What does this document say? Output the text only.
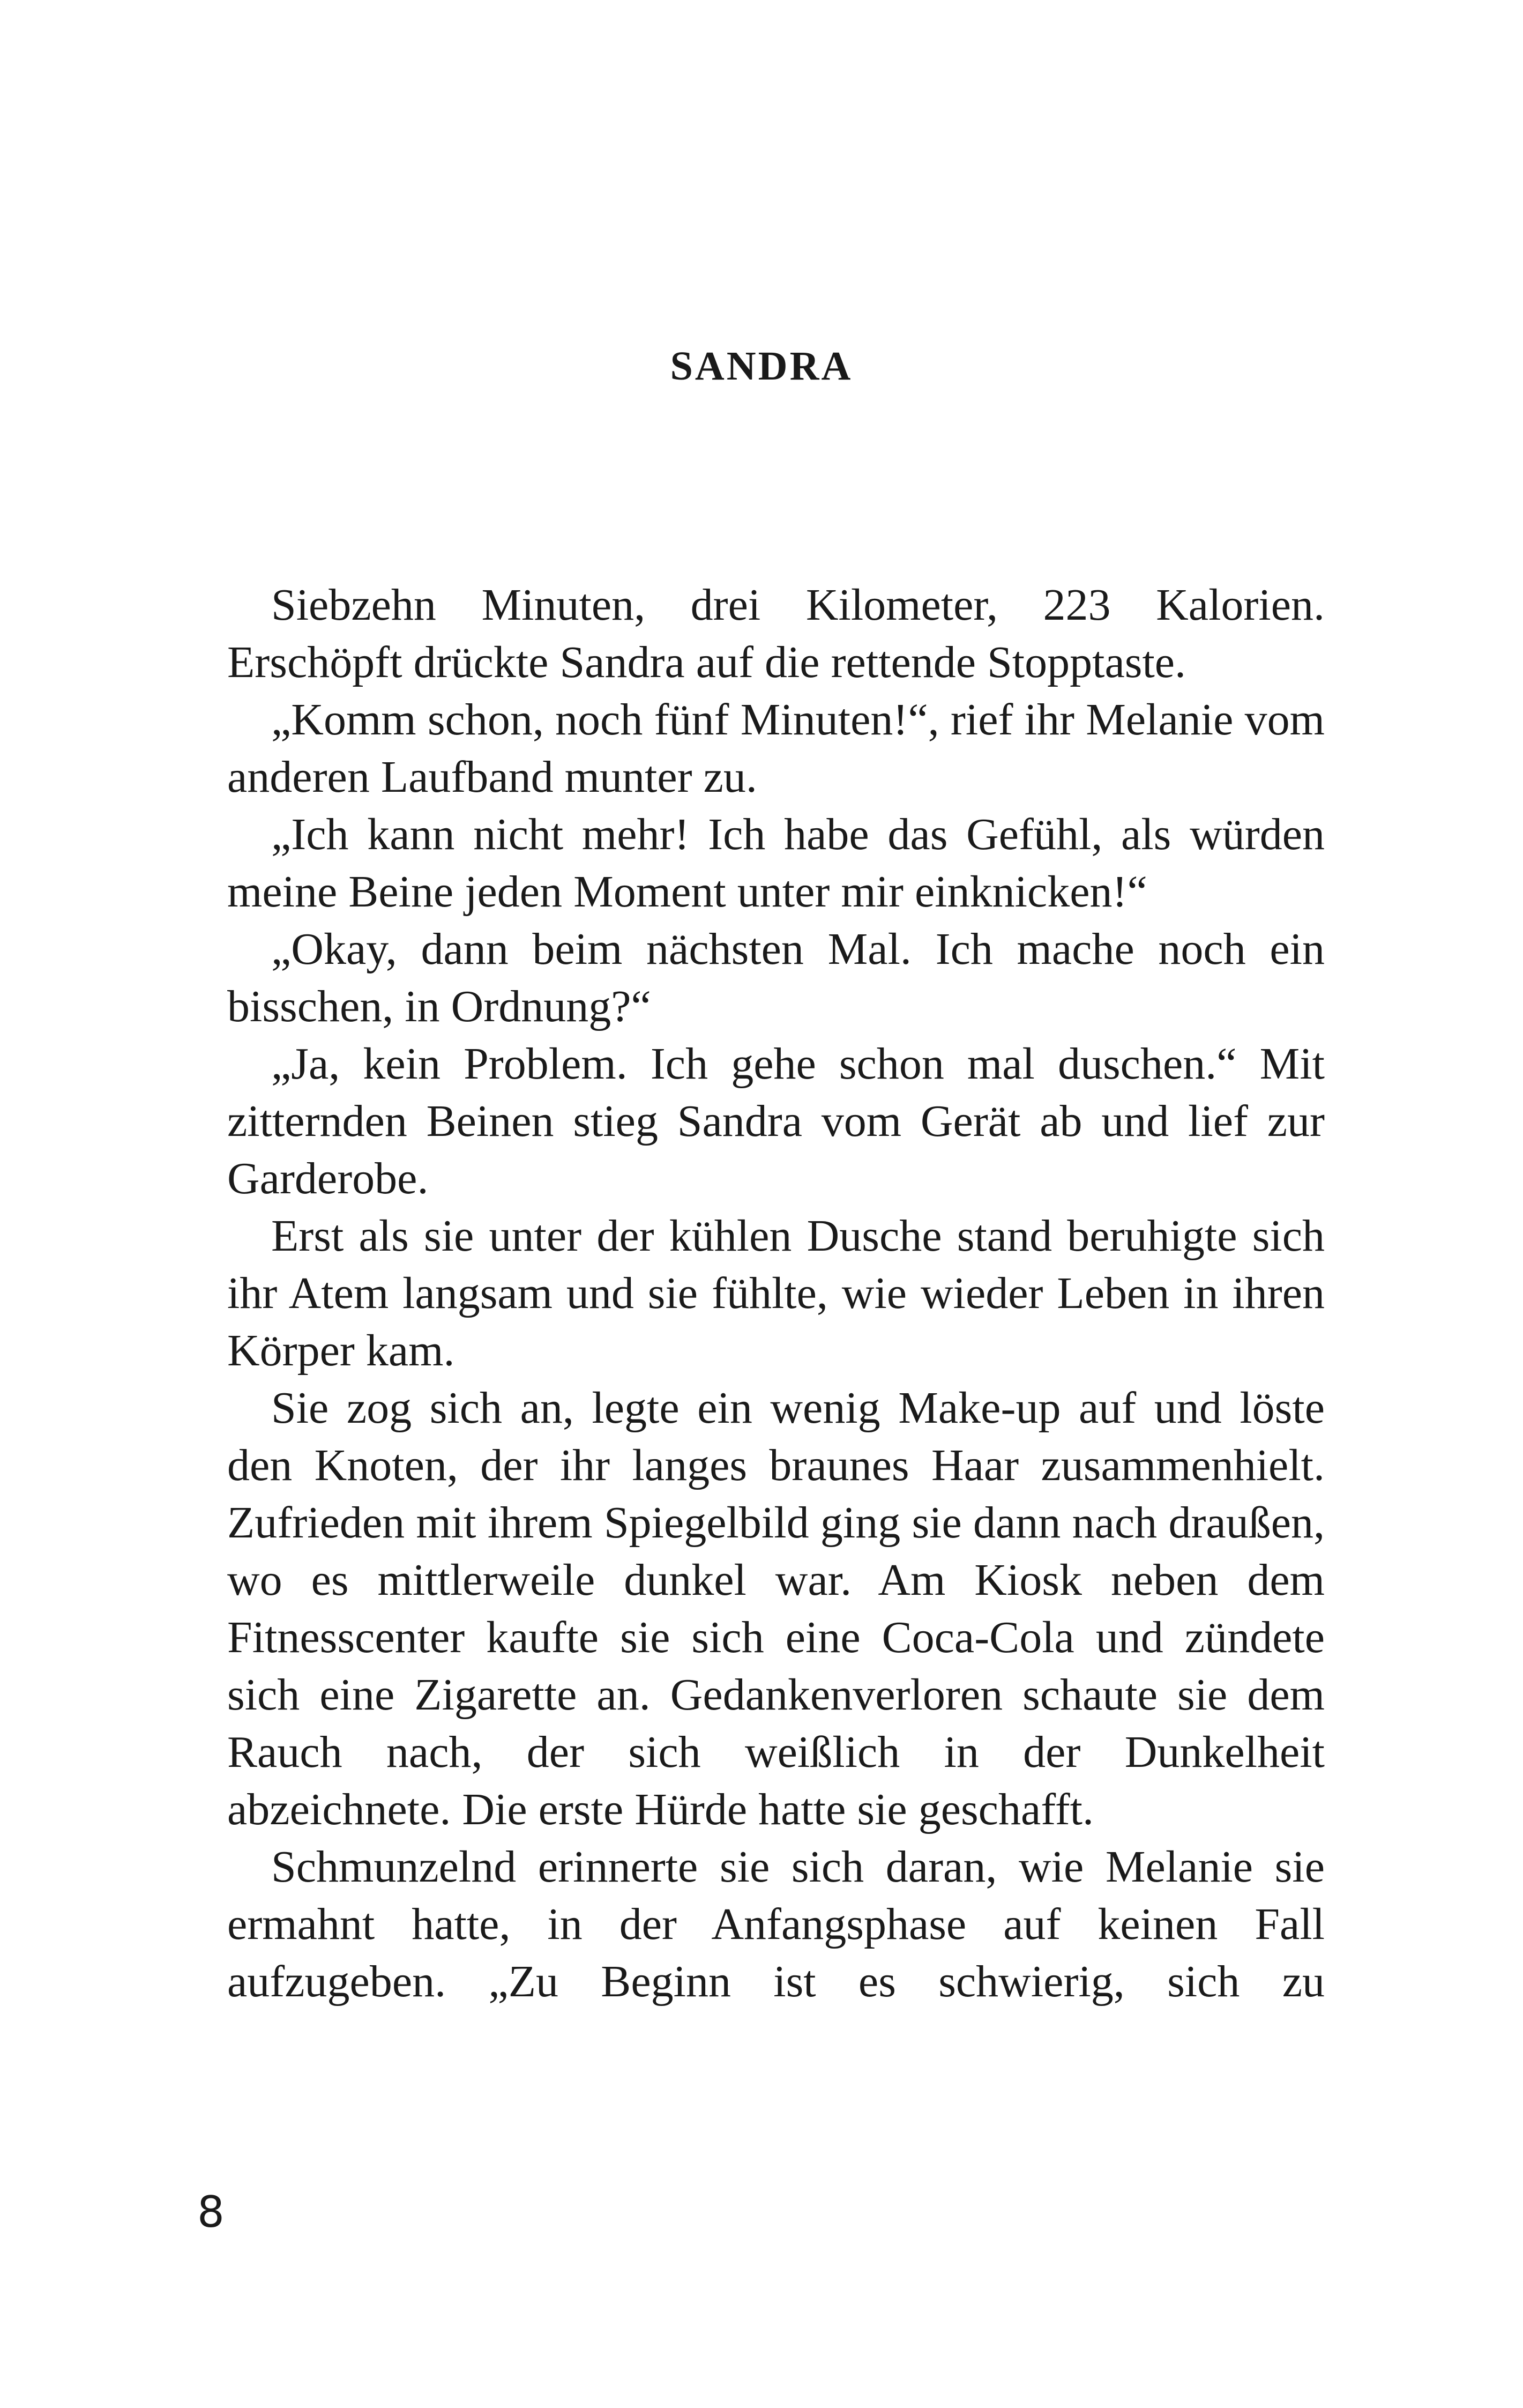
SANDRA

Siebzehn Minuten, drei Kilometer, 223 Kalorien. Erschöpft drückte Sandra auf die rettende Stopptaste.

„Komm schon, noch fünf Minuten!“, rief ihr Melanie vom anderen Laufband munter zu.

„Ich kann nicht mehr! Ich habe das Gefühl, als würden meine Beine jeden Moment unter mir einknicken!“

„Okay, dann beim nächsten Mal. Ich mache noch ein bisschen, in Ordnung?“

„Ja, kein Problem. Ich gehe schon mal duschen.“ Mit zitternden Beinen stieg Sandra vom Gerät ab und lief zur Garderobe.

Erst als sie unter der kühlen Dusche stand beruhigte sich ihr Atem langsam und sie fühlte, wie wieder Leben in ihren Körper kam.

Sie zog sich an, legte ein wenig Make-up auf und löste den Knoten, der ihr langes braunes Haar zusammenhielt. Zufrieden mit ihrem Spiegelbild ging sie dann nach draußen, wo es mittlerweile dunkel war. Am Kiosk neben dem Fitnesscenter kaufte sie sich eine Coca-Cola und zündete sich eine Zigarette an. Gedankenverloren schaute sie dem Rauch nach, der sich weißlich in der Dunkelheit abzeichnete. Die erste Hürde hatte sie geschafft.

Schmunzelnd erinnerte sie sich daran, wie Melanie sie ermahnt hatte, in der Anfangsphase auf keinen Fall aufzugeben. „Zu Beginn ist es schwierig, sich zu

8
